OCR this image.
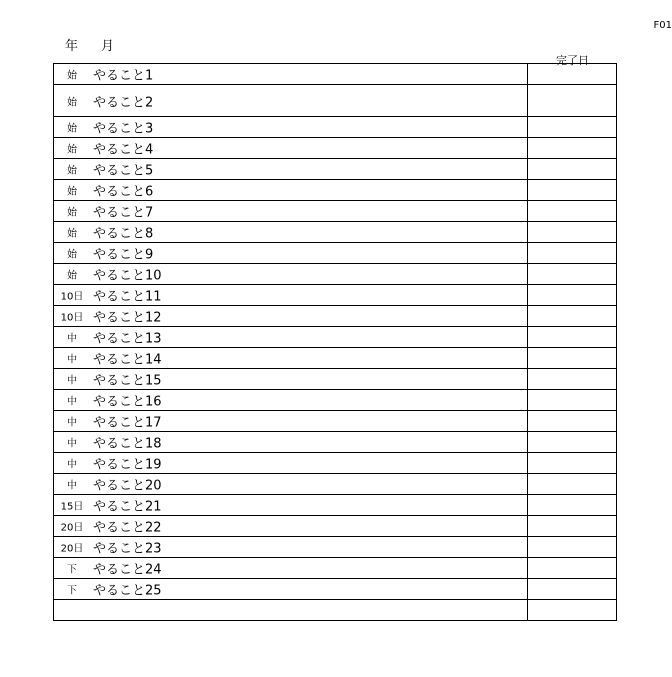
F01
年 月
完了日
始 やること1	

始 やること2	

始 やること3	

始 やること4	

始 やること5	

始 やること6	

始 やること7	

始 やること8	

始 やること9	

始 やること10	

10日 やること11	

10日 やること12	

中 やること13	

中 やること14	

中 やること15	

中 やること16	

中 やること17	

中 やること18	

中 やること19	

中 やること20	

15日 やること21	

20日 やること22	

20日 やること23	

下 やること24	

下 やること25	
